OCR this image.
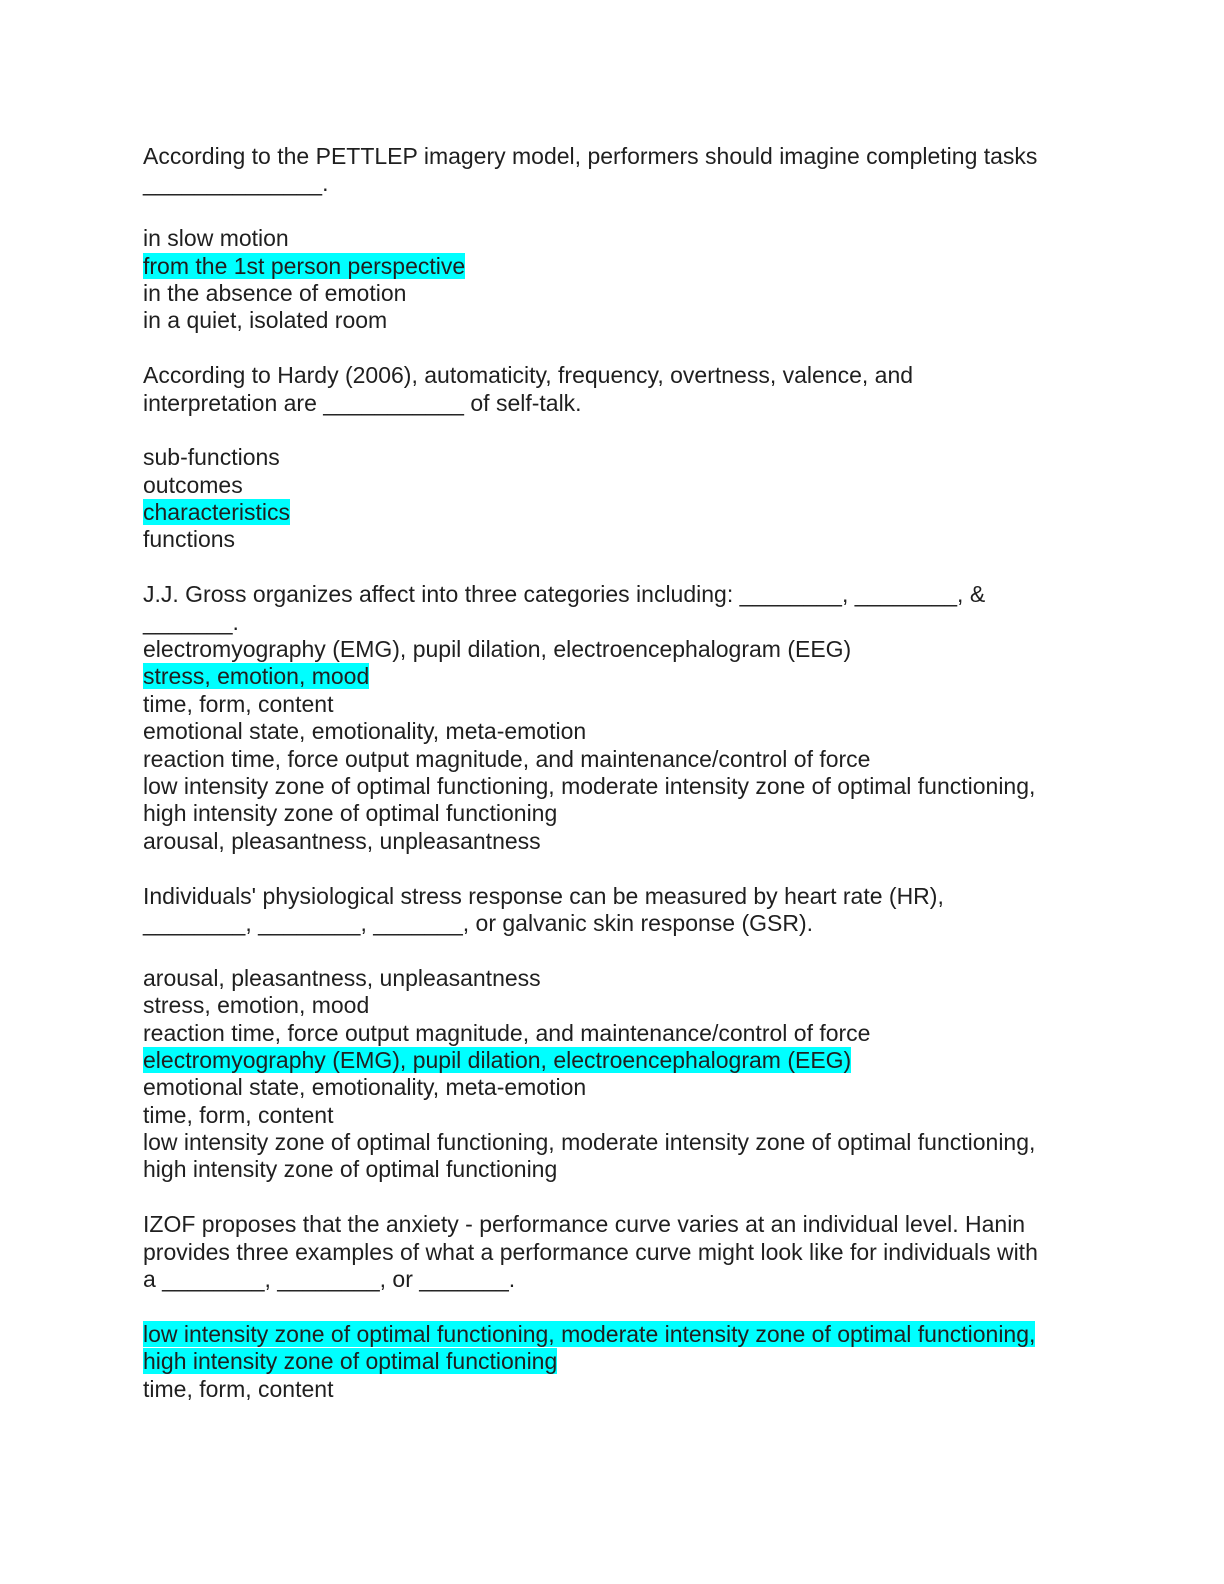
According to the PETTLEP imagery model, performers should imagine completing tasks
______________.
in slow motion
from the 1st person perspective
in the absence of emotion
in a quiet, isolated room
According to Hardy (2006), automaticity, frequency, overtness, valence, and
interpretation are ___________ of self-talk.
sub-functions
outcomes
characteristics
functions
J.J. Gross organizes affect into three categories including: ________, ________, &
_______.
electromyography (EMG), pupil dilation, electroencephalogram (EEG)
stress, emotion, mood
time, form, content
emotional state, emotionality, meta-emotion
reaction time, force output magnitude, and maintenance/control of force
low intensity zone of optimal functioning, moderate intensity zone of optimal functioning,
high intensity zone of optimal functioning
arousal, pleasantness, unpleasantness
Individuals' physiological stress response can be measured by heart rate (HR),
________, ________, _______, or galvanic skin response (GSR).
arousal, pleasantness, unpleasantness
stress, emotion, mood
reaction time, force output magnitude, and maintenance/control of force
electromyography (EMG), pupil dilation, electroencephalogram (EEG)
emotional state, emotionality, meta-emotion
time, form, content
low intensity zone of optimal functioning, moderate intensity zone of optimal functioning,
high intensity zone of optimal functioning
IZOF proposes that the anxiety - performance curve varies at an individual level. Hanin
provides three examples of what a performance curve might look like for individuals with
a ________, ________, or _______.
low intensity zone of optimal functioning, moderate intensity zone of optimal functioning,
high intensity zone of optimal functioning
time, form, content
